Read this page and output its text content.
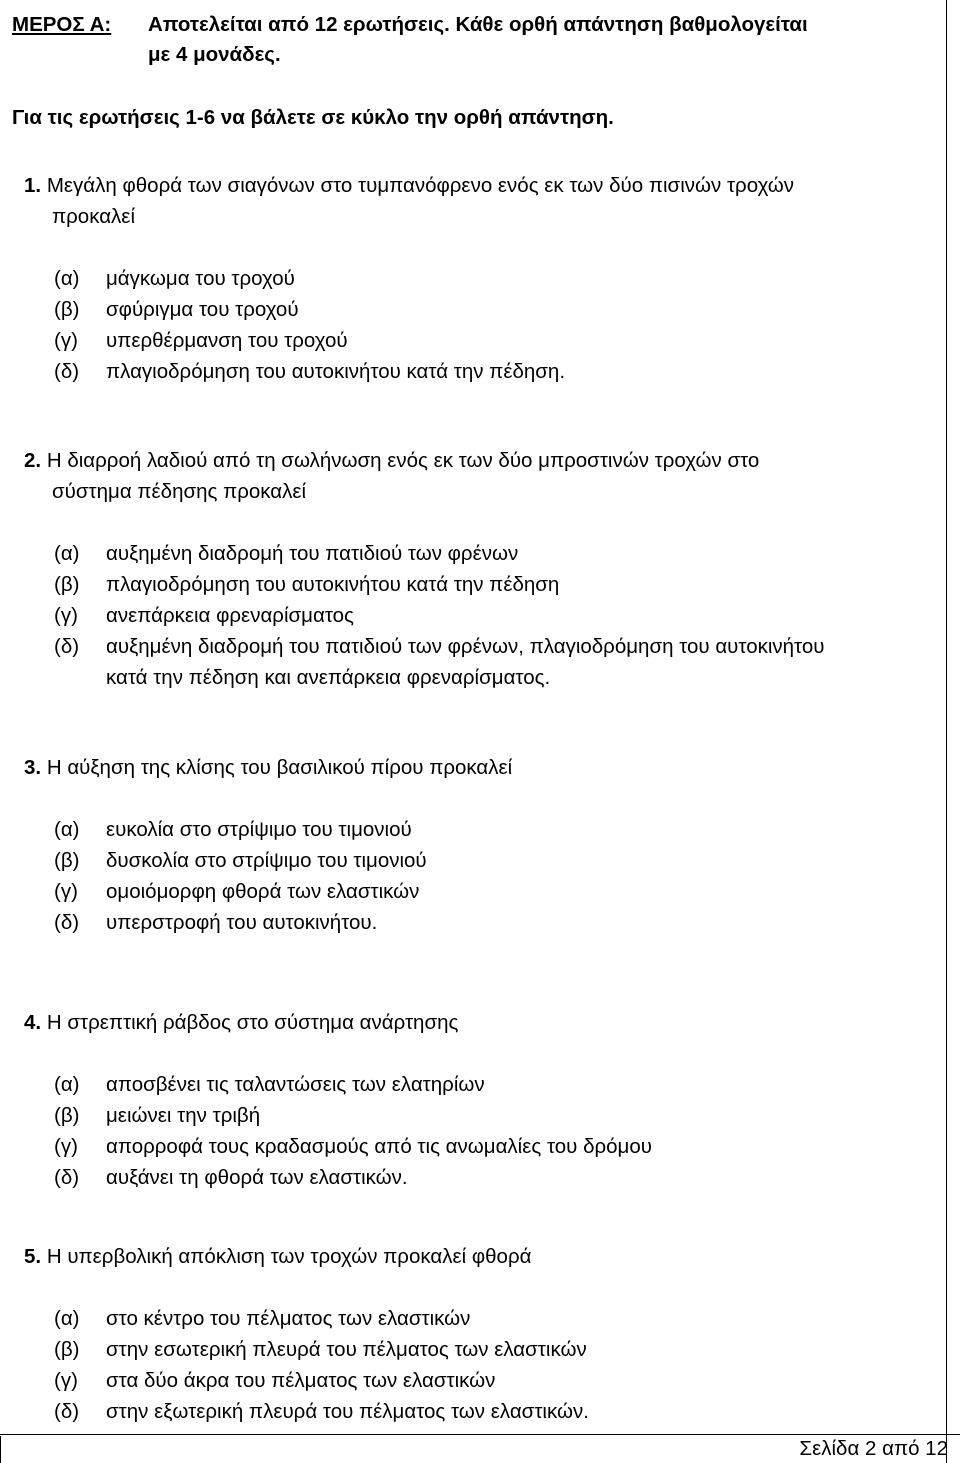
ΜΕΡΟΣ Α:	Αποτελείται από 12 ερωτήσεις. Κάθε ορθή απάντηση βαθμολογείται
με 4 μονάδες.
Για τις ερωτήσεις 1-6 να βάλετε σε κύκλο την ορθή απάντηση.
1. Μεγάλη φθορά των σιαγόνων στο τυμπανόφρενο ενός εκ των δύο πισινών τροχών
προκαλεί
(α)	μάγκωμα του τροχού
(β)	σφύριγμα του τροχού
(γ)	υπερθέρμανση του τροχού
(δ)	πλαγιοδρόμηση του αυτοκινήτου κατά την πέδηση.
2. Η διαρροή λαδιού από τη σωλήνωση ενός εκ των δύο μπροστινών τροχών στο
σύστημα πέδησης προκαλεί
(α)	αυξημένη διαδρομή του πατιδιού των φρένων
(β)	πλαγιοδρόμηση του αυτοκινήτου κατά την πέδηση
(γ)	ανεπάρκεια φρεναρίσματος
(δ)	αυξημένη διαδρομή του πατιδιού των φρένων, πλαγιοδρόμηση του αυτοκινήτου κατά την πέδηση και ανεπάρκεια φρεναρίσματος.
3. Η αύξηση της κλίσης του βασιλικού πίρου προκαλεί
(α)	ευκολία στο στρίψιμο του τιμονιού
(β)	δυσκολία στο στρίψιμο του τιμονιού
(γ)	ομοιόμορφη φθορά των ελαστικών
(δ)	υπερστροφή του αυτοκινήτου.
4. Η στρεπτική ράβδος στο σύστημα ανάρτησης
(α)	αποσβένει τις ταλαντώσεις των ελατηρίων
(β)	μειώνει την τριβή
(γ)	απορροφά τους κραδασμούς από τις ανωμαλίες του δρόμου
(δ)	αυξάνει τη φθορά των ελαστικών.
5. Η υπερβολική απόκλιση των τροχών προκαλεί φθορά
(α)	στο κέντρο του πέλματος των ελαστικών
(β)	στην εσωτερική πλευρά του πέλματος των ελαστικών
(γ)	στα δύο άκρα του πέλματος των ελαστικών
(δ)	στην εξωτερική πλευρά του πέλματος των ελαστικών.
Σελίδα 2 από 12
